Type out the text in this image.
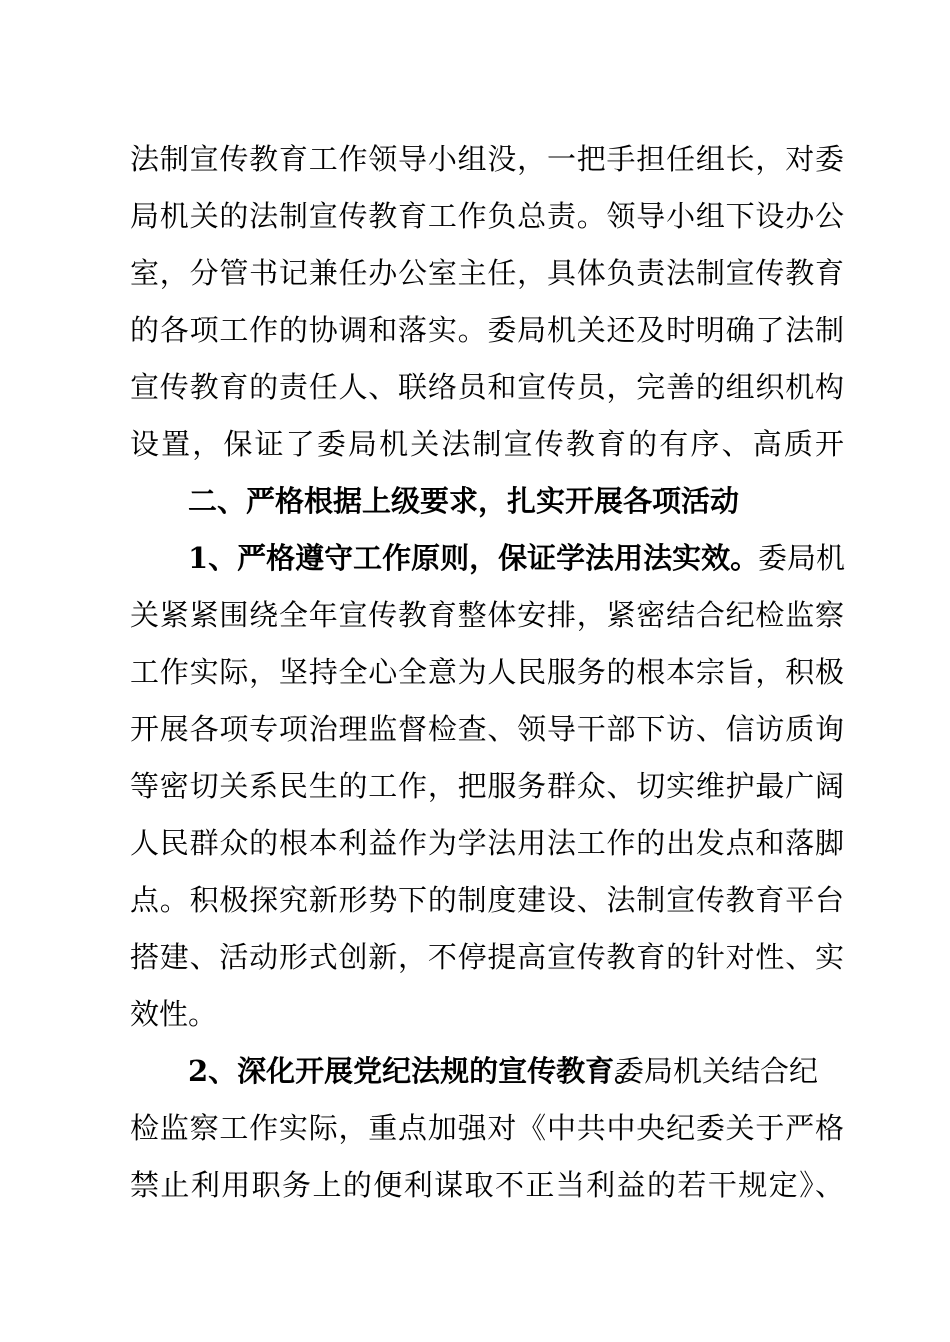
法制宣传教育工作领导小组没，一把手担任组长，对委
局机关的法制宣传教育工作负总责。领导小组下设办公
室，分管书记兼任办公室主任，具体负责法制宣传教育
的各项工作的协调和落实。委局机关还及时明确了法制
宣传教育的责任人、联络员和宣传员，完善的组织机构
设置，保证了委局机关法制宣传教育的有序、高质开
二、严格根据上级要求，扎实开展各项活动
1、严格遵守工作原则，保证学法用法实效。
委局机
关紧紧围绕全年宣传教育整体安排，紧密结合纪检监察
工作实际，坚持全心全意为人民服务的根本宗旨，积极
开展各项专项治理监督检查、领导干部下访、信访质询
等密切关系民生的工作，把服务群众、切实维护最广阔
人民群众的根本利益作为学法用法工作的出发点和落脚
点。积极探究新形势下的制度建设、法制宣传教育平台
搭建、活动形式创新，不停提高宣传教育的针对性、实
效性。
2、深化开展党纪法规的宣传教育。
委局机关结合纪
检监察工作实际，重点加强对《中共中央纪委关于严格
禁止利用职务上的便利谋取不正当利益的若干规定》、
